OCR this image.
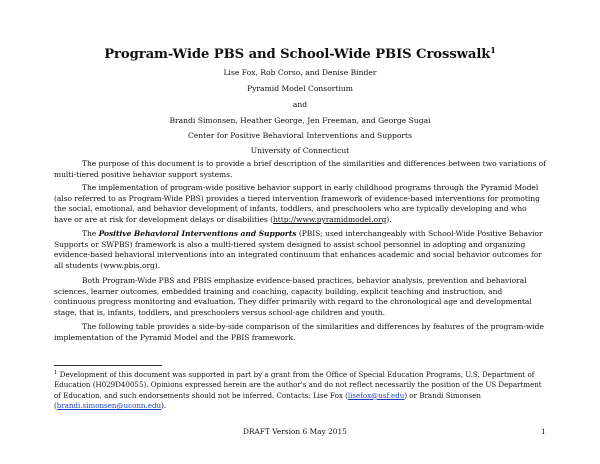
Program-Wide PBS and School-Wide PBIS Crosswalk$^1$
Lise Fox, Rob Corso, and Denise Binder
Pyramid Model Consortium
and
Brandi Simonsen, Heather George, Jen Freeman, and George Sugai
Center for Positive Behavioral Interventions and Supports
University of Connecticut
The purpose of this document is to provide a brief description of the similarities and differences between two variations of multi-tiered positive behavior support systems.
The implementation of program-wide positive behavior support in early childhood programs through the Pyramid Model (also referred to as Program-Wide PBS) provides a tiered intervention framework of evidence-based interventions for promoting the social, emotional, and behavior development of infants, toddlers, and preschoolers who are typically developing and who have or are at risk for development delays or disabilities (http://www.pyramidmodel.org).
The Positive Behavioral Interventions and Supports (PBIS; used interchangeably with School-Wide Positive Behavior Supports or SWPBS) framework is also a multi-tiered system designed to assist school personnel in adopting and organizing evidence-based behavioral interventions into an integrated continuum that enhances academic and social behavior outcomes for all students (www.pbis.org).
Both Program-Wide PBS and PBIS emphasize evidence-based practices, behavior analysis, prevention and behavioral sciences, learner outcomes, embedded training and coaching, capacity building, explicit teaching and instruction, and continuous progress monitoring and evaluation. They differ primarily with regard to the chronological age and developmental stage, that is, infants, toddlers, and preschoolers versus school-age children and youth.
The following table provides a side-by-side comparison of the similarities and differences by features of the program-wide implementation of the Pyramid Model and the PBIS framework.
$^1$ Development of this document was supported in part by a grant from the Office of Special Education Programs, U.S. Department of Education (H029D40055). Opinions expressed herein are the author's and do not reflect necessarily the position of the US Department of Education, and such endorsements should not be inferred. Contacts: Lise Fox (lisefox@usf.edu) or Brandi Simonsen (brandi.simonsen@uconn.edu).
DRAFT Version 6 May 2015	1
